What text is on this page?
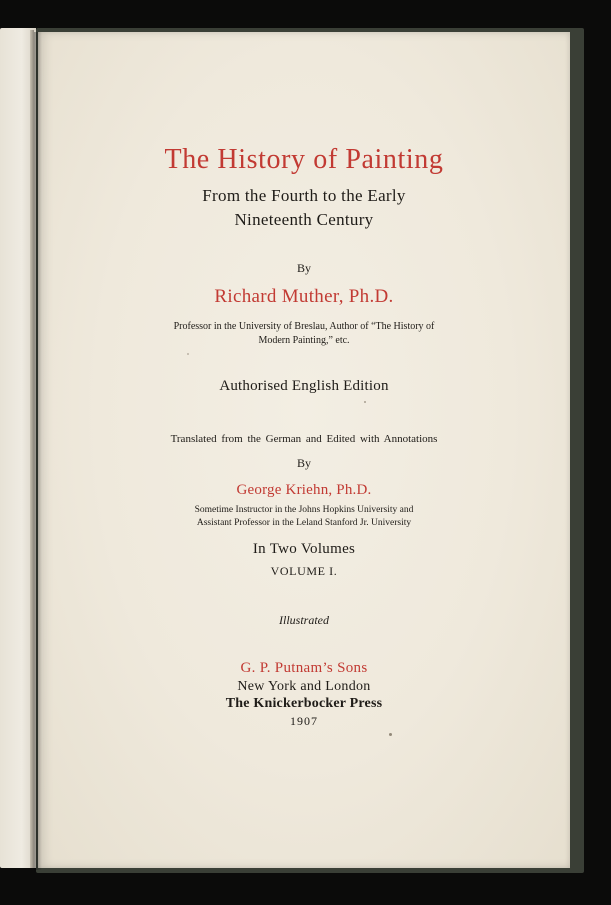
The History of Painting
From the Fourth to the Early
Nineteenth Century
By
Richard Muther, Ph.D.
Professor in the University of Breslau, Author of “The History of
Modern Painting,” etc.
Authorised English Edition
Translated from the German and Edited with Annotations
By
George Kriehn, Ph.D.
Sometime Instructor in the Johns Hopkins University and
Assistant Professor in the Leland Stanford Jr. University
In Two Volumes
VOLUME I.
Illustrated
G. P. Putnam’s Sons
New York and London
The Knickerbocker Press
1907
